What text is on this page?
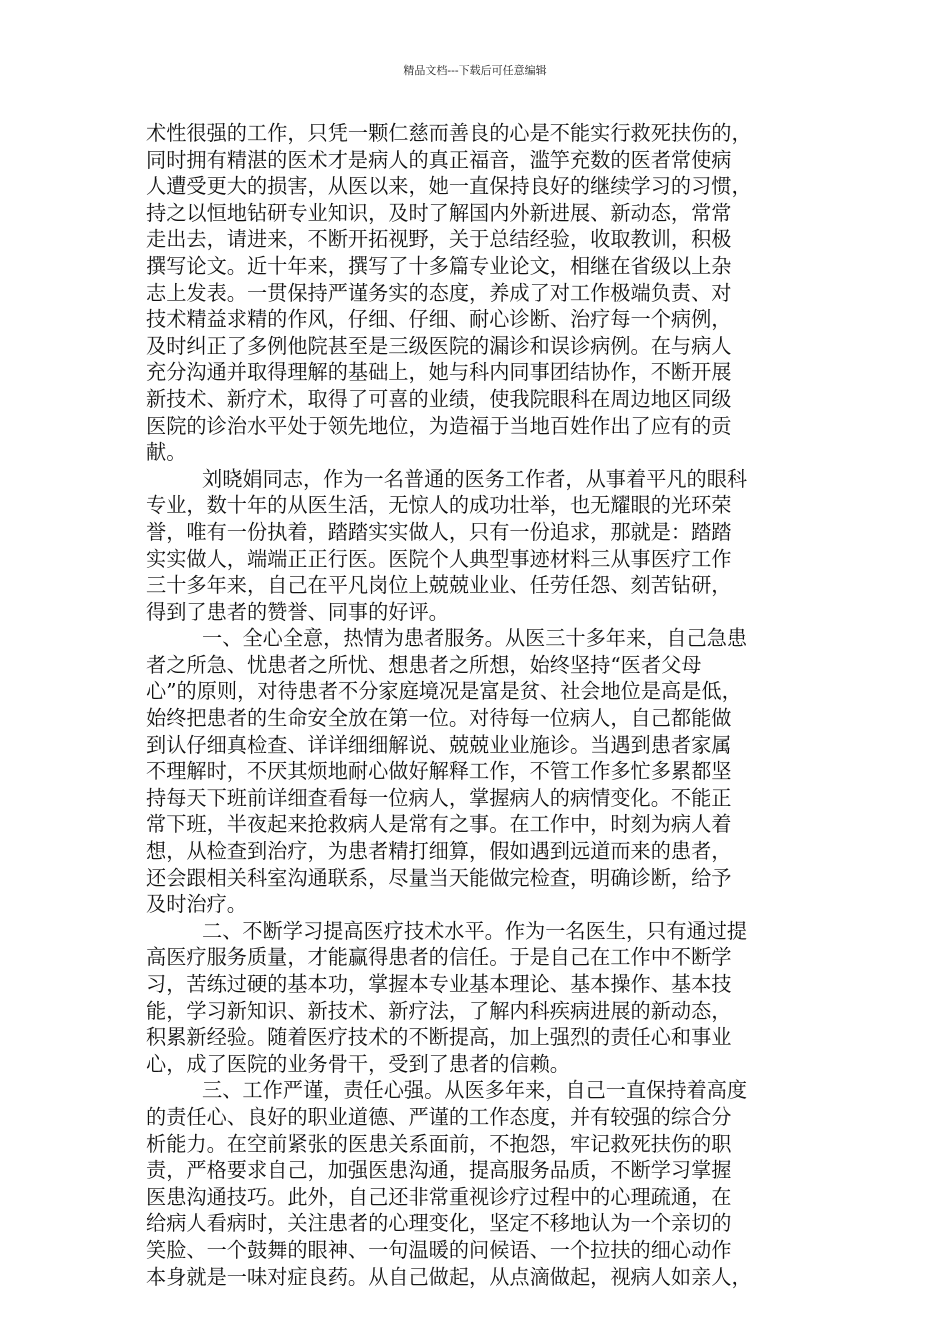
精品文档---下载后可任意编辑
术性很强的工作，只凭一颗仁慈而善良的心是不能实行救死扶伤的，
同时拥有精湛的医术才是病人的真正福音，滥竽充数的医者常使病
人遭受更大的损害，从医以来，她一直保持良好的继续学习的习惯，
持之以恒地钻研专业知识，及时了解国内外新进展、新动态，常常
走出去，请进来，不断开拓视野，关于总结经验，收取教训，积极
撰写论文。近十年来，撰写了十多篇专业论文，相继在省级以上杂
志上发表。一贯保持严谨务实的态度，养成了对工作极端负责、对
技术精益求精的作风，仔细、仔细、耐心诊断、治疗每一个病例，
及时纠正了多例他院甚至是三级医院的漏诊和误诊病例。在与病人
充分沟通并取得理解的基础上，她与科内同事团结协作，不断开展
新技术、新疗术，取得了可喜的业绩，使我院眼科在周边地区同级
医院的诊治水平处于领先地位，为造福于当地百姓作出了应有的贡
献。
刘晓娟同志，作为一名普通的医务工作者，从事着平凡的眼科
专业，数十年的从医生活，无惊人的成功壮举，也无耀眼的光环荣
誉，唯有一份执着，踏踏实实做人，只有一份追求，那就是：踏踏
实实做人，端端正正行医。医院个人典型事迹材料三从事医疗工作
三十多年来，自己在平凡岗位上兢兢业业、任劳任怨、刻苦钻研，
得到了患者的赞誉、同事的好评。
一、全心全意，热情为患者服务。从医三十多年来，自己急患
者之所急、忧患者之所忧、想患者之所想，始终坚持“医者父母
心”的原则，对待患者不分家庭境况是富是贫、社会地位是高是低，
始终把患者的生命安全放在第一位。对待每一位病人，自己都能做
到认仔细真检查、详详细细解说、兢兢业业施诊。当遇到患者家属
不理解时，不厌其烦地耐心做好解释工作，不管工作多忙多累都坚
持每天下班前详细查看每一位病人，掌握病人的病情变化。不能正
常下班，半夜起来抢救病人是常有之事。在工作中，时刻为病人着
想，从检查到治疗，为患者精打细算，假如遇到远道而来的患者，
还会跟相关科室沟通联系，尽量当天能做完检查，明确诊断，给予
及时治疗。
二、不断学习提高医疗技术水平。作为一名医生，只有通过提
高医疗服务质量，才能赢得患者的信任。于是自己在工作中不断学
习，苦练过硬的基本功，掌握本专业基本理论、基本操作、基本技
能，学习新知识、新技术、新疗法，了解内科疾病进展的新动态，
积累新经验。随着医疗技术的不断提高，加上强烈的责任心和事业
心，成了医院的业务骨干，受到了患者的信赖。
三、工作严谨，责任心强。从医多年来，自己一直保持着高度
的责任心、良好的职业道德、严谨的工作态度，并有较强的综合分
析能力。在空前紧张的医患关系面前，不抱怨，牢记救死扶伤的职
责，严格要求自己，加强医患沟通，提高服务品质，不断学习掌握
医患沟通技巧。此外，自己还非常重视诊疗过程中的心理疏通，在
给病人看病时，关注患者的心理变化，坚定不移地认为一个亲切的
笑脸、一个鼓舞的眼神、一句温暖的问候语、一个拉扶的细心动作
本身就是一味对症良药。从自己做起，从点滴做起，视病人如亲人，
